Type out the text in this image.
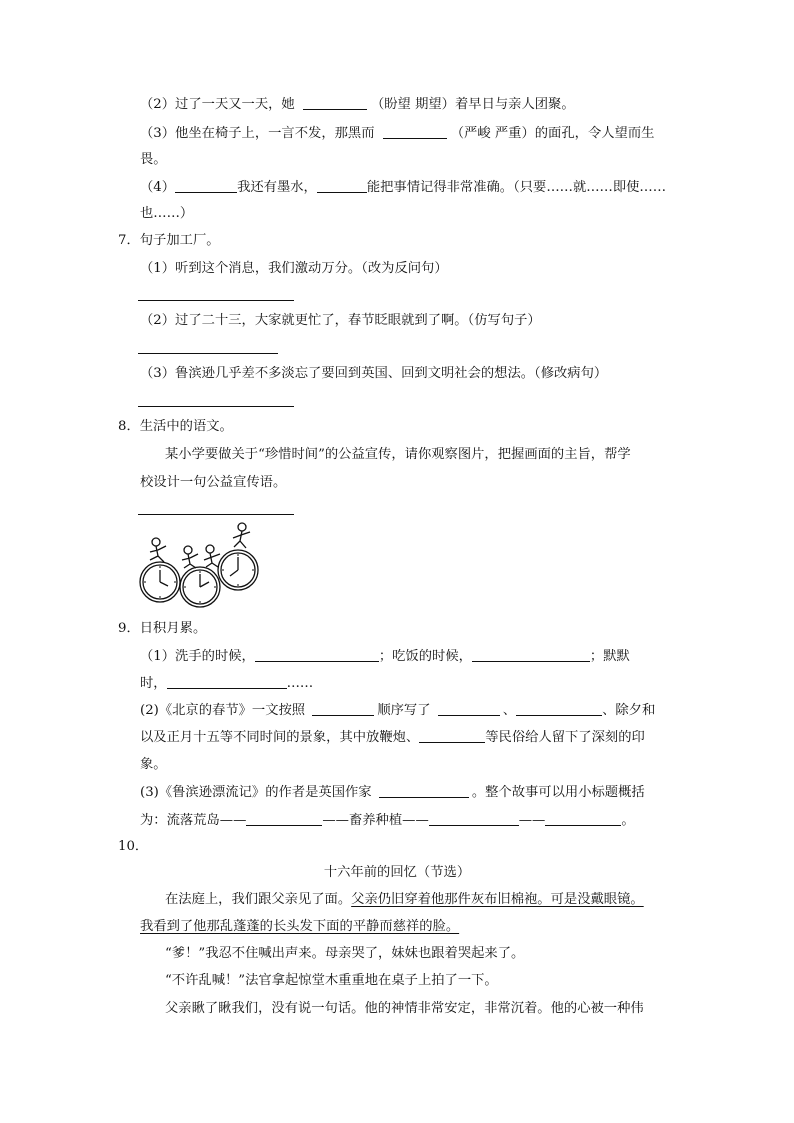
（2）过了一天又一天，她	（盼望 期望）着早日与亲人团聚。
（3）他坐在椅子上，一言不发，那黑而	（严峻 严重）的面孔，令人望而生
畏。
（4）	我还有墨水，	能把事情记得非常准确。（只要……就……即使……
也……）
7．句子加工厂。
（1）听到这个消息，我们激动万分。（改为反问句）
（2）过了二十三，大家就更忙了，春节眨眼就到了啊。（仿写句子）
（3）鲁滨逊几乎差不多淡忘了要回到英国、回到文明社会的想法。（修改病句）
8．生活中的语文。
某小学要做关于“珍惜时间”的公益宣传，请你观察图片，把握画面的主旨，帮学
校设计一句公益宣传语。
9．日积月累。
（1）洗手的时候，	；吃饭的时候，	；默默
时，	……
(2)《北京的春节》一文按照	顺序写了	、	、除夕和
以及正月十五等不同时间的景象，其中放鞭炮、	等民俗给人留下了深刻的印
象。
(3)《鲁滨逊漂流记》的作者是英国作家	。整个故事可以用小标题概括
为：流落荒岛——	——畜养种植——	——	。
10．
十六年前的回忆（节选）
在法庭上，我们跟父亲见了面。父亲仍旧穿着他那件灰布旧棉袍。可是没戴眼镜。
我看到了他那乱蓬蓬的长头发下面的平静而慈祥的脸。
“爹！”我忍不住喊出声来。母亲哭了，妹妹也跟着哭起来了。
“不许乱喊！”法官拿起惊堂木重重地在桌子上拍了一下。
父亲瞅了瞅我们，没有说一句话。他的神情非常安定，非常沉着。他的心被一种伟
